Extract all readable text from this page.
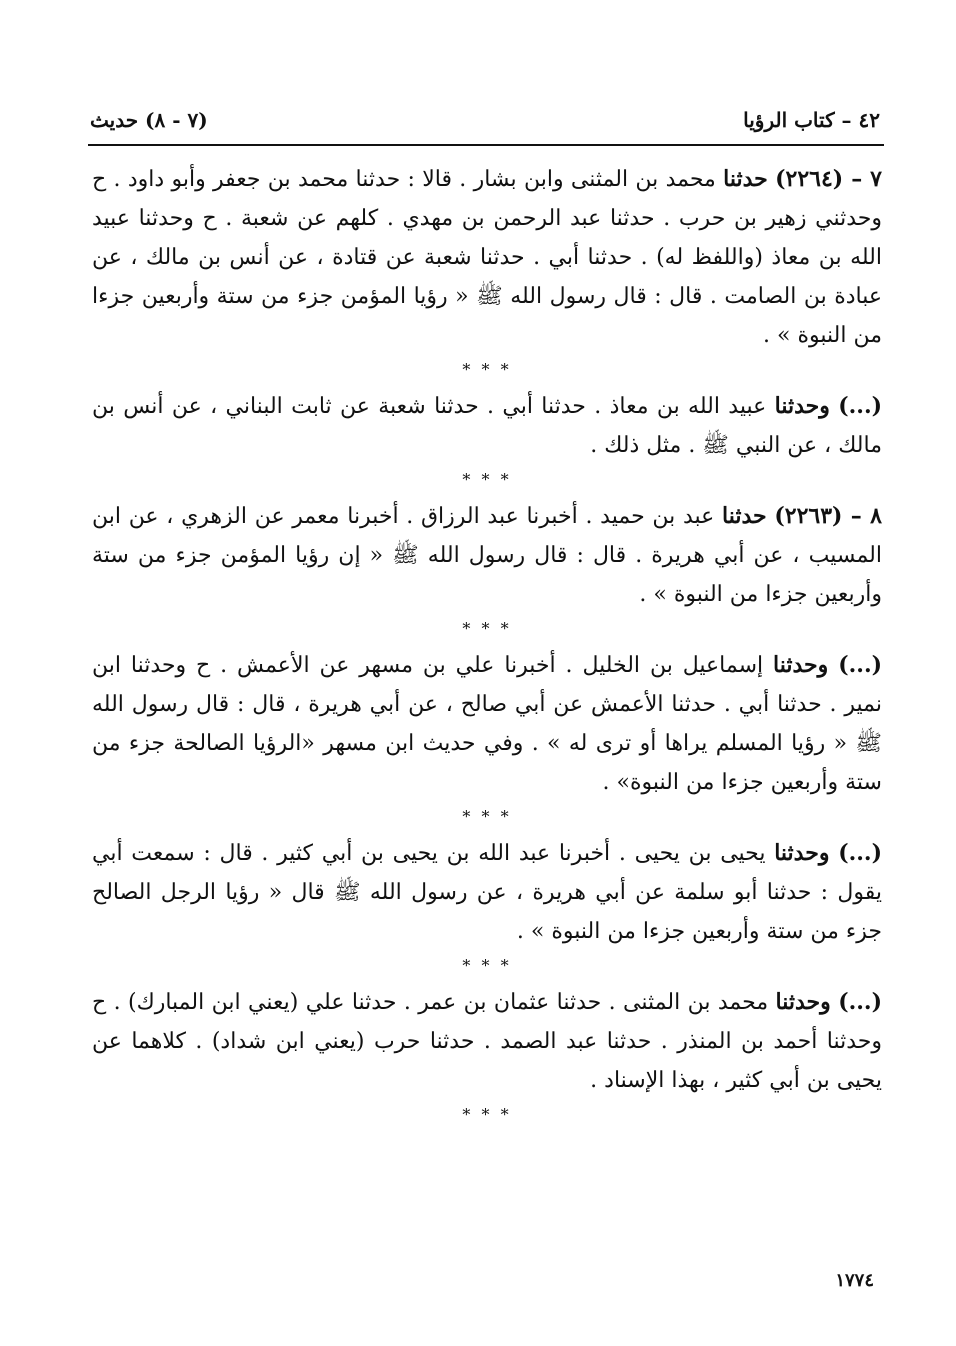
٤٢ – كتاب الرؤيا
(٧ - ٨) حديث

٧ – (٢٢٦٤) حدثنا محمد بن المثنى وابن بشار . قالا : حدثنا محمد بن جعفر وأبو داود . ح وحدثني زهير بن حرب . حدثنا عبد الرحمن بن مهدي . كلهم عن شعبة . ح وحدثنا عبيد الله بن معاذ (واللفظ له) . حدثنا أبي . حدثنا شعبة عن قتادة ، عن أنس بن مالك ، عن عبادة بن الصامت . قال : قال رسول الله ﷺ « رؤيا المؤمن جزء من ستة وأربعين جزءا من النبوة » .

* * *

(...) وحدثنا عبيد الله بن معاذ . حدثنا أبي . حدثنا شعبة عن ثابت البناني ، عن أنس بن مالك ، عن النبي ﷺ . مثل ذلك .

* * *

٨ – (٢٢٦٣) حدثنا عبد بن حميد . أخبرنا عبد الرزاق . أخبرنا معمر عن الزهري ، عن ابن المسيب ، عن أبي هريرة . قال : قال رسول الله ﷺ « إن رؤيا المؤمن جزء من ستة وأربعين جزءا من النبوة » .

* * *

(...) وحدثنا إسماعيل بن الخليل . أخبرنا علي بن مسهر عن الأعمش . ح وحدثنا ابن نمير . حدثنا أبي . حدثنا الأعمش عن أبي صالح ، عن أبي هريرة ، قال : قال رسول الله ﷺ « رؤيا المسلم يراها أو ترى له » . وفي حديث ابن مسهر «الرؤيا الصالحة جزء من ستة وأربعين جزءا من النبوة» .

* * *

(...) وحدثنا يحيى بن يحيى . أخبرنا عبد الله بن يحيى بن أبي كثير . قال : سمعت أبي يقول : حدثنا أبو سلمة عن أبي هريرة ، عن رسول الله ﷺ قال « رؤيا الرجل الصالح جزء من ستة وأربعين جزءا من النبوة » .

* * *

(...) وحدثنا محمد بن المثنى . حدثنا عثمان بن عمر . حدثنا علي (يعني ابن المبارك) . ح وحدثنا أحمد بن المنذر . حدثنا عبد الصمد . حدثنا حرب (يعني ابن شداد) . كلاهما عن يحيى بن أبي كثير ، بهذا الإسناد .

* * *
١٧٧٤
